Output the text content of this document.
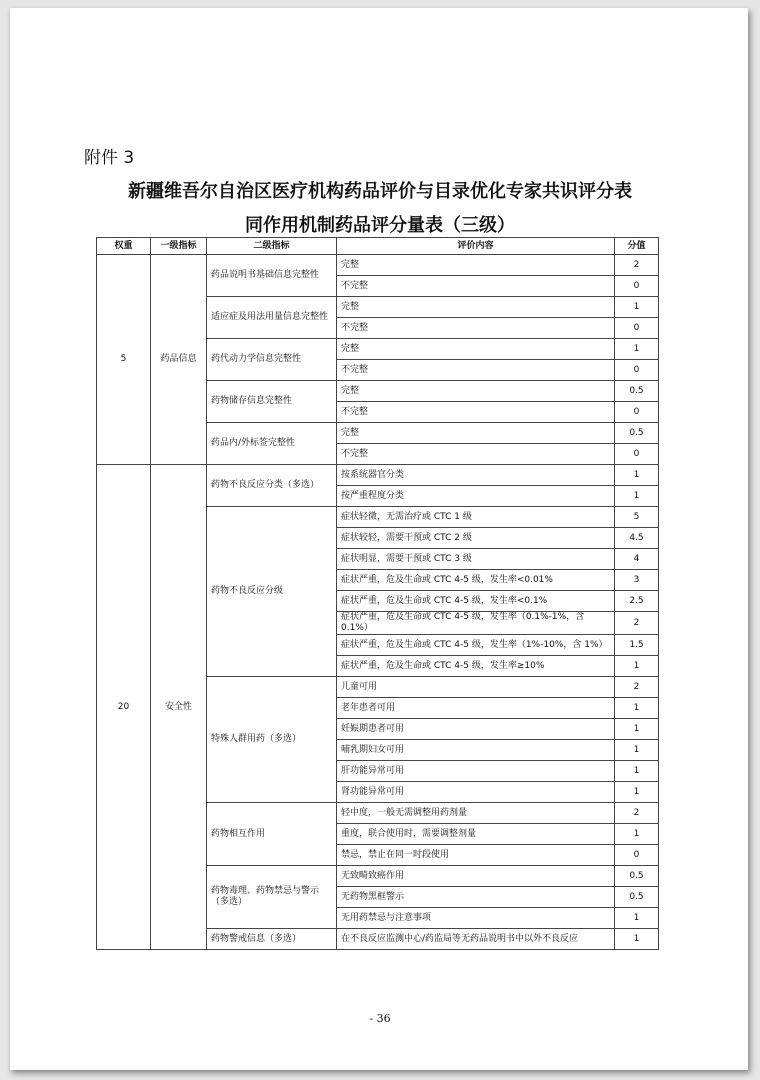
附件 3
新疆维吾尔自治区医疗机构药品评价与目录优化专家共识评分表
同作用机制药品评分量表（三级）
权重	一级指标	二级指标	评价内容	分值
5	药品信息	药品说明书基础信息完整性	完整	2
			不完整	0
		适应症及用法用量信息完整性	完整	1
			不完整	0
		药代动力学信息完整性	完整	1
			不完整	0
		药物储存信息完整性	完整	0.5
			不完整	0
		药品内/外标签完整性	完整	0.5
			不完整	0
20	安全性	药物不良反应分类（多选）	按系统器官分类	1
			按严重程度分类	1
		药物不良反应分级	症状轻微，无需治疗或 CTC 1 级	5
			症状较轻，需要干预或 CTC 2 级	4.5
			症状明显，需要干预或 CTC 3 级	4
			症状严重，危及生命或 CTC 4-5 级，发生率<0.01%	3
			症状严重，危及生命或 CTC 4-5 级，发生率<0.1%	2.5
			症状严重，危及生命或 CTC 4-5 级，发生率（0.1%-1%，含 0.1%）	2
			症状严重，危及生命或 CTC 4-5 级，发生率（1%-10%，含 1%）	1.5
			症状严重，危及生命或 CTC 4-5 级，发生率≥10%	1
		特殊人群用药（多选）	儿童可用	2
			老年患者可用	1
			妊娠期患者可用	1
			哺乳期妇女可用	1
			肝功能异常可用	1
			肾功能异常可用	1
		药物相互作用	轻中度，一般无需调整用药剂量	2
			重度，联合使用时，需要调整剂量	1
			禁忌，禁止在同一时段使用	0
		药物毒理、药物禁忌与警示（多选）	无致畸致癌作用	0.5
			无药物黑框警示	0.5
			无用药禁忌与注意事项	1
		药物警戒信息（多选）	在不良反应监测中心/药监局等无药品说明书中以外不良反应	1
- 36
